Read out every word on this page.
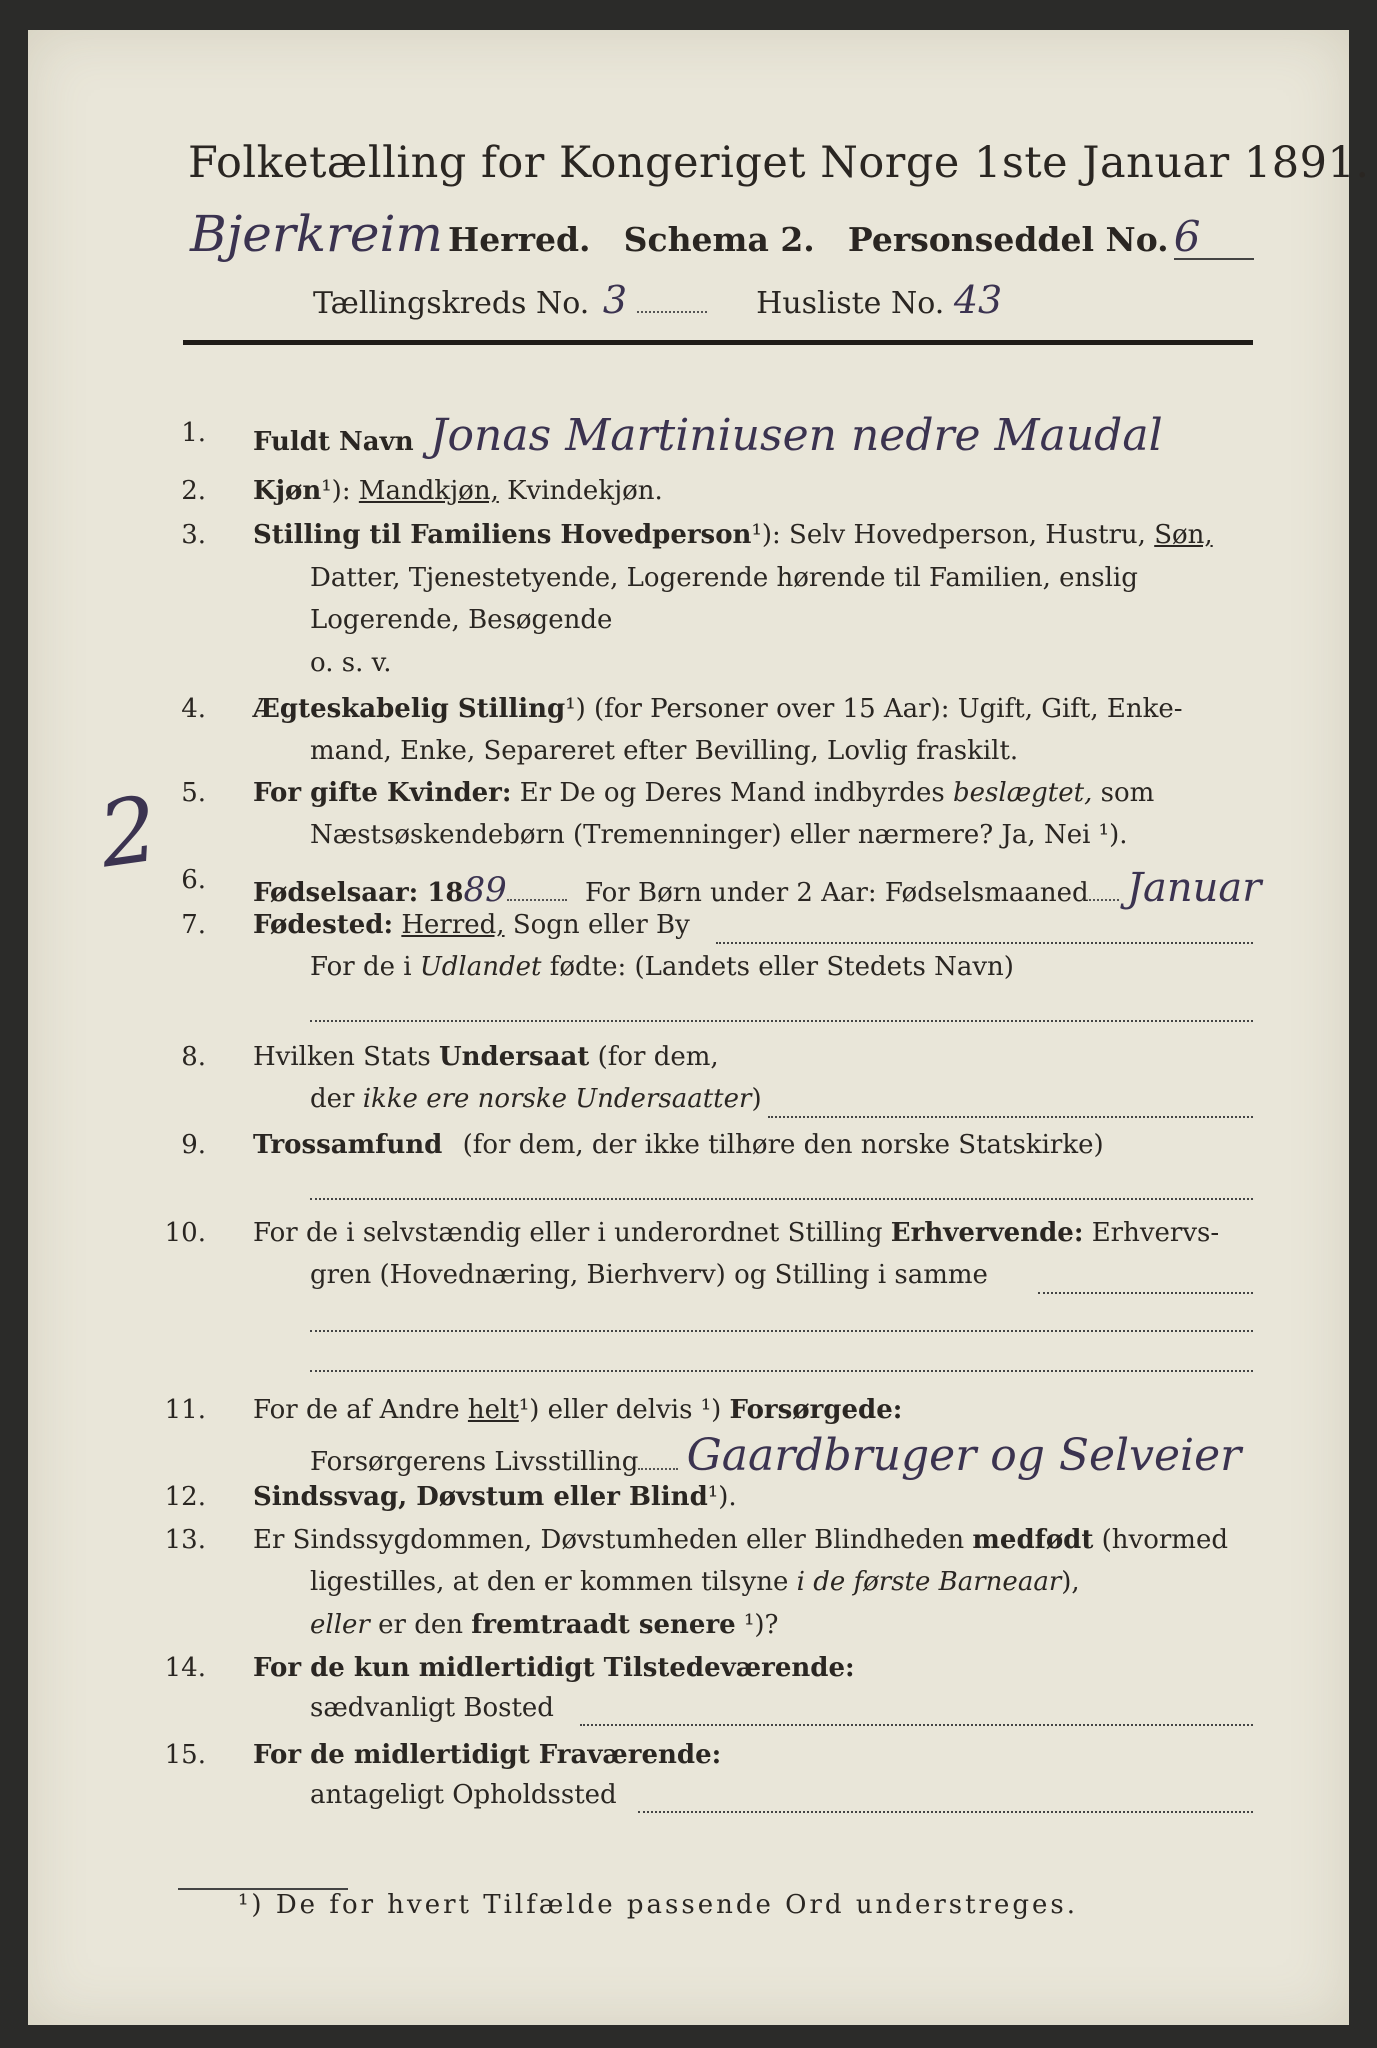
Folketælling for Kongeriget Norge 1ste Januar 1891.
Bjerkreim Herred. Schema 2. Personseddel No. 6
Tællingskreds No. 3	Husliste No. 43
1. Fuldt Navn Jonas Martiniusen nedre Maudal
2. Kjøn¹): Mandkjøn, Kvindekjøn.
3. Stilling til Familiens Hovedperson¹): Selv Hovedperson, Hustru, Søn,
Datter, Tjenestetyende, Logerende hørende til Familien, enslig
Logerende, Besøgende
o. s. v.
4. Ægteskabelig Stilling¹) (for Personer over 15 Aar): Ugift, Gift, Enke-
mand, Enke, Separeret efter Bevilling, Lovlig fraskilt.
2 5. For gifte Kvinder: Er De og Deres Mand indbyrdes beslægtet, som
Næstsøskendebørn (Tremenninger) eller nærmere? Ja, Nei ¹).
6. Fødselsaar: 1889	For Børn under 2 Aar: Fødselsmaaned Januar
7. Fødested: Herred, Sogn eller By
For de i Udlandet fødte: (Landets eller Stedets Navn)
8. Hvilken Stats Undersaat (for dem,
der ikke ere norske Undersaatter)
9. Trossamfund (for dem, der ikke tilhøre den norske Statskirke)
10. For de i selvstændig eller i underordnet Stilling Erhvervende: Erhvervs-
gren (Hovednæring, Bierhverv) og Stilling i samme
11. For de af Andre helt¹) eller delvis ¹) Forsørgede:
Forsørgerens Livsstilling Gaardbruger og Selveier
12. Sindssvag, Døvstum eller Blind¹).
13. Er Sindssygdommen, Døvstumheden eller Blindheden medfødt (hvormed
ligestilles, at den er kommen tilsyne i de første Barneaar),
eller er den fremtraadt senere ¹)?
14. For de kun midlertidigt Tilstedeværende:
sædvanligt Bosted
15. For de midlertidigt Fraværende:
antageligt Opholdssted
¹) De for hvert Tilfælde passende Ord understreges.
